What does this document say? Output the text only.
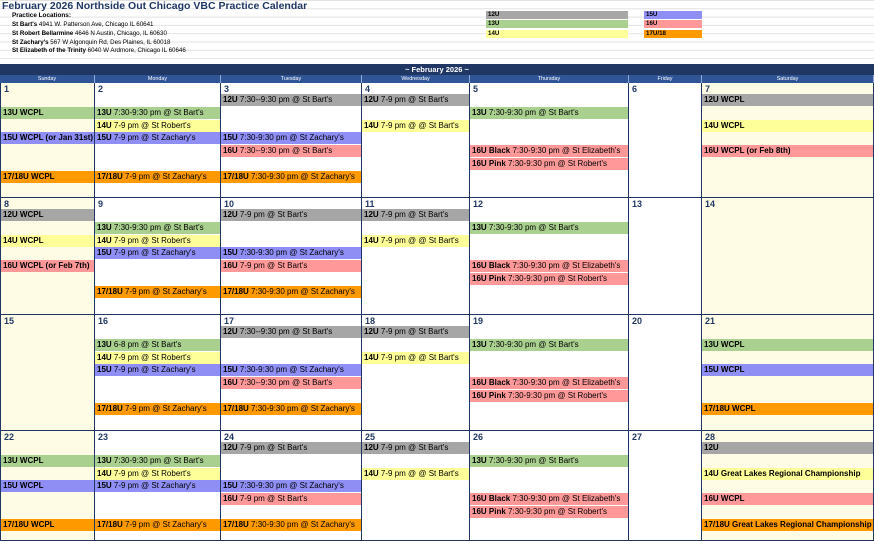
February 2026 Northside Out Chicago VBC Practice Calendar
Practice Locations:
St Bart's 4941 W. Patterson Ave, Chicago IL 60641
St Robert Bellarmine 4646 N Austin, Chicago, IL 60630
St Zachary's 567 W Algonquin Rd, Des Plaines, IL 60018
St Elizabeth of the Trinity 6040 W Ardmore, Chicago IL 60646
12U
13U
14U
15U
16U
17U/18
~ February 2026 ~
Sunday	Monday	Tuesday	Wednesday	Thursday	Friday	Saturday
1
13U WCPL
15U WCPL (or Jan 31st)
17/18U WCPL
2
13U 7:30-9:30 pm @ St Bart's
14U 7-9 pm @ St Robert's
15U 7-9 pm @ St Zachary's
17/18U 7-9 pm @ St Zachary's
3
12U 7:30--9:30 pm @ St Bart's
15U 7:30-9:30 pm @ St Zachary's
16U 7:30--9:30 pm @ St Bart's
17/18U 7:30-9:30 pm @ St Zachary's
4
12U 7-9 pm @ St Bart's
14U 7-9 pm @ @ St Bart's
5
13U 7:30-9:30 pm @ St Bart's
16U Black 7:30-9:30 pm @ St Elizabeth's
16U Pink 7:30-9:30 pm @ St Robert's
6	7
12U WCPL
14U WCPL
16U WCPL (or Feb 8th)
8
12U WCPL
14U WCPL
16U WCPL (or Feb 7th)
9
13U 7:30-9:30 pm @ St Bart's
14U 7-9 pm @ St Robert's
15U 7-9 pm @ St Zachary's
17/18U 7-9 pm @ St Zachary's
10
12U 7-9 pm @ St Bart's
15U 7:30-9:30 pm @ St Zachary's
16U 7-9 pm @ St Bart's
17/18U 7:30-9:30 pm @ St Zachary's
11
12U 7-9 pm @ St Bart's
14U 7-9 pm @ @ St Bart's
12
13U 7:30-9:30 pm @ St Bart's
16U Black 7:30-9:30 pm @ St Elizabeth's
16U Pink 7:30-9:30 pm @ St Robert's
13	14
15	16
13U 6-8 pm @ St Bart's
14U 7-9 pm @ St Robert's
15U 7-9 pm @ St Zachary's
17/18U 7-9 pm @ St Zachary's
17
12U 7:30--9:30 pm @ St Bart's
15U 7:30-9:30 pm @ St Zachary's
16U 7:30--9:30 pm @ St Bart's
17/18U 7:30-9:30 pm @ St Zachary's
18
12U 7-9 pm @ St Bart's
14U 7-9 pm @ @ St Bart's
19
13U 7:30-9:30 pm @ St Bart's
16U Black 7:30-9:30 pm @ St Elizabeth's
16U Pink 7:30-9:30 pm @ St Robert's
20	21
13U WCPL
15U WCPL
17/18U WCPL
22
13U WCPL
15U WCPL
17/18U WCPL
23
13U 7:30-9:30 pm @ St Bart's
14U 7-9 pm @ St Robert's
15U 7-9 pm @ St Zachary's
17/18U 7-9 pm @ St Zachary's
24
12U 7-9 pm @ St Bart's
15U 7:30-9:30 pm @ St Zachary's
16U 7-9 pm @ St Bart's
17/18U 7:30-9:30 pm @ St Zachary's
25
12U 7-9 pm @ St Bart's
14U 7-9 pm @ @ St Bart's
26
13U 7:30-9:30 pm @ St Bart's
16U Black 7:30-9:30 pm @ St Elizabeth's
16U Pink 7:30-9:30 pm @ St Robert's
27	28
12U
14U Great Lakes Regional Championship
16U WCPL
17/18U Great Lakes Regional Championship
